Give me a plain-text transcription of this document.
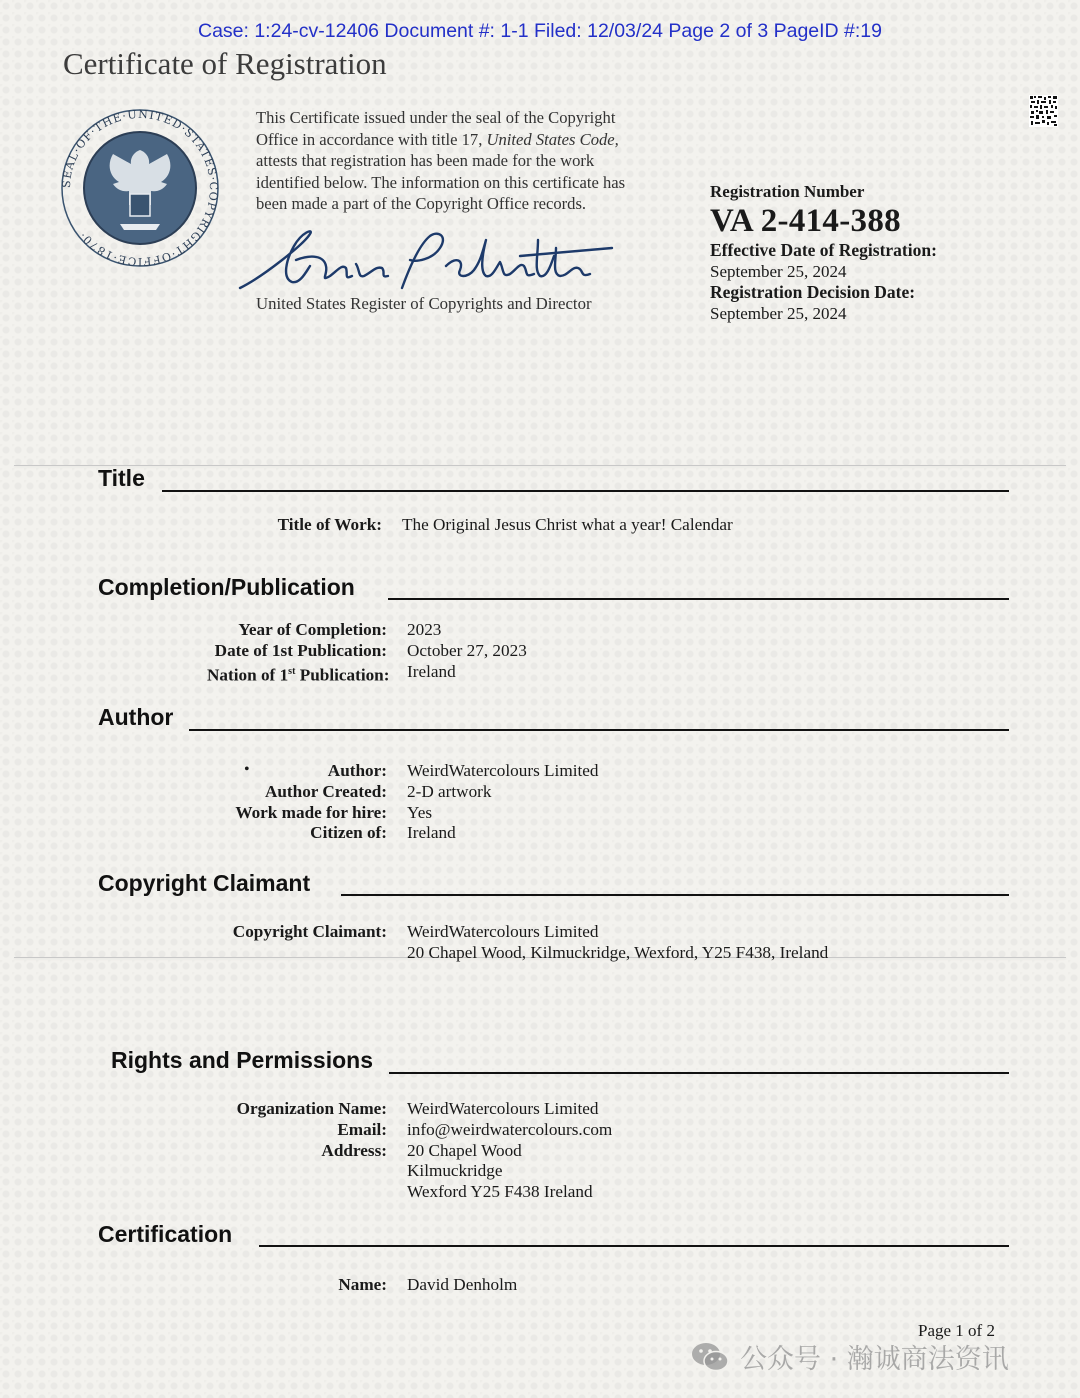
Case: 1:24-cv-12406 Document #: 1-1 Filed: 12/03/24 Page 2 of 3 PageID #:19
Certificate of Registration
SEAL·OF·THE·UNITED·STATES·COPYRIGHT·OFFICE·1870·
This Certificate issued under the seal of the Copyright
Office in accordance with title 17, United States Code,
attests that registration has been made for the work
identified below. The information on this certificate has
been made a part of the Copyright Office records.
United States Register of Copyrights and Director
Registration Number
VA 2-414-388
Effective Date of Registration:
September 25, 2024
Registration Decision Date:
September 25, 2024
Title
Title of Work:	The Original Jesus Christ what a year! Calendar
Completion/Publication
Year of Completion:	2023
Date of 1st Publication:	October 27, 2023
Nation of 1st Publication:	Ireland
Author
•	Author:	WeirdWatercolours Limited
Author Created:	2-D artwork
Work made for hire:	Yes
Citizen of:	Ireland
Copyright Claimant
Copyright Claimant:	WeirdWatercolours Limited
20 Chapel Wood, Kilmuckridge, Wexford, Y25 F438, Ireland
Rights and Permissions
Organization Name:	WeirdWatercolours Limited
Email:	info@weirdwatercolours.com
Address:	20 Chapel Wood
Kilmuckridge
Wexford Y25 F438 Ireland
Certification
Name:	David Denholm
Page 1 of 2
公众号 · 瀚诚商法资讯
